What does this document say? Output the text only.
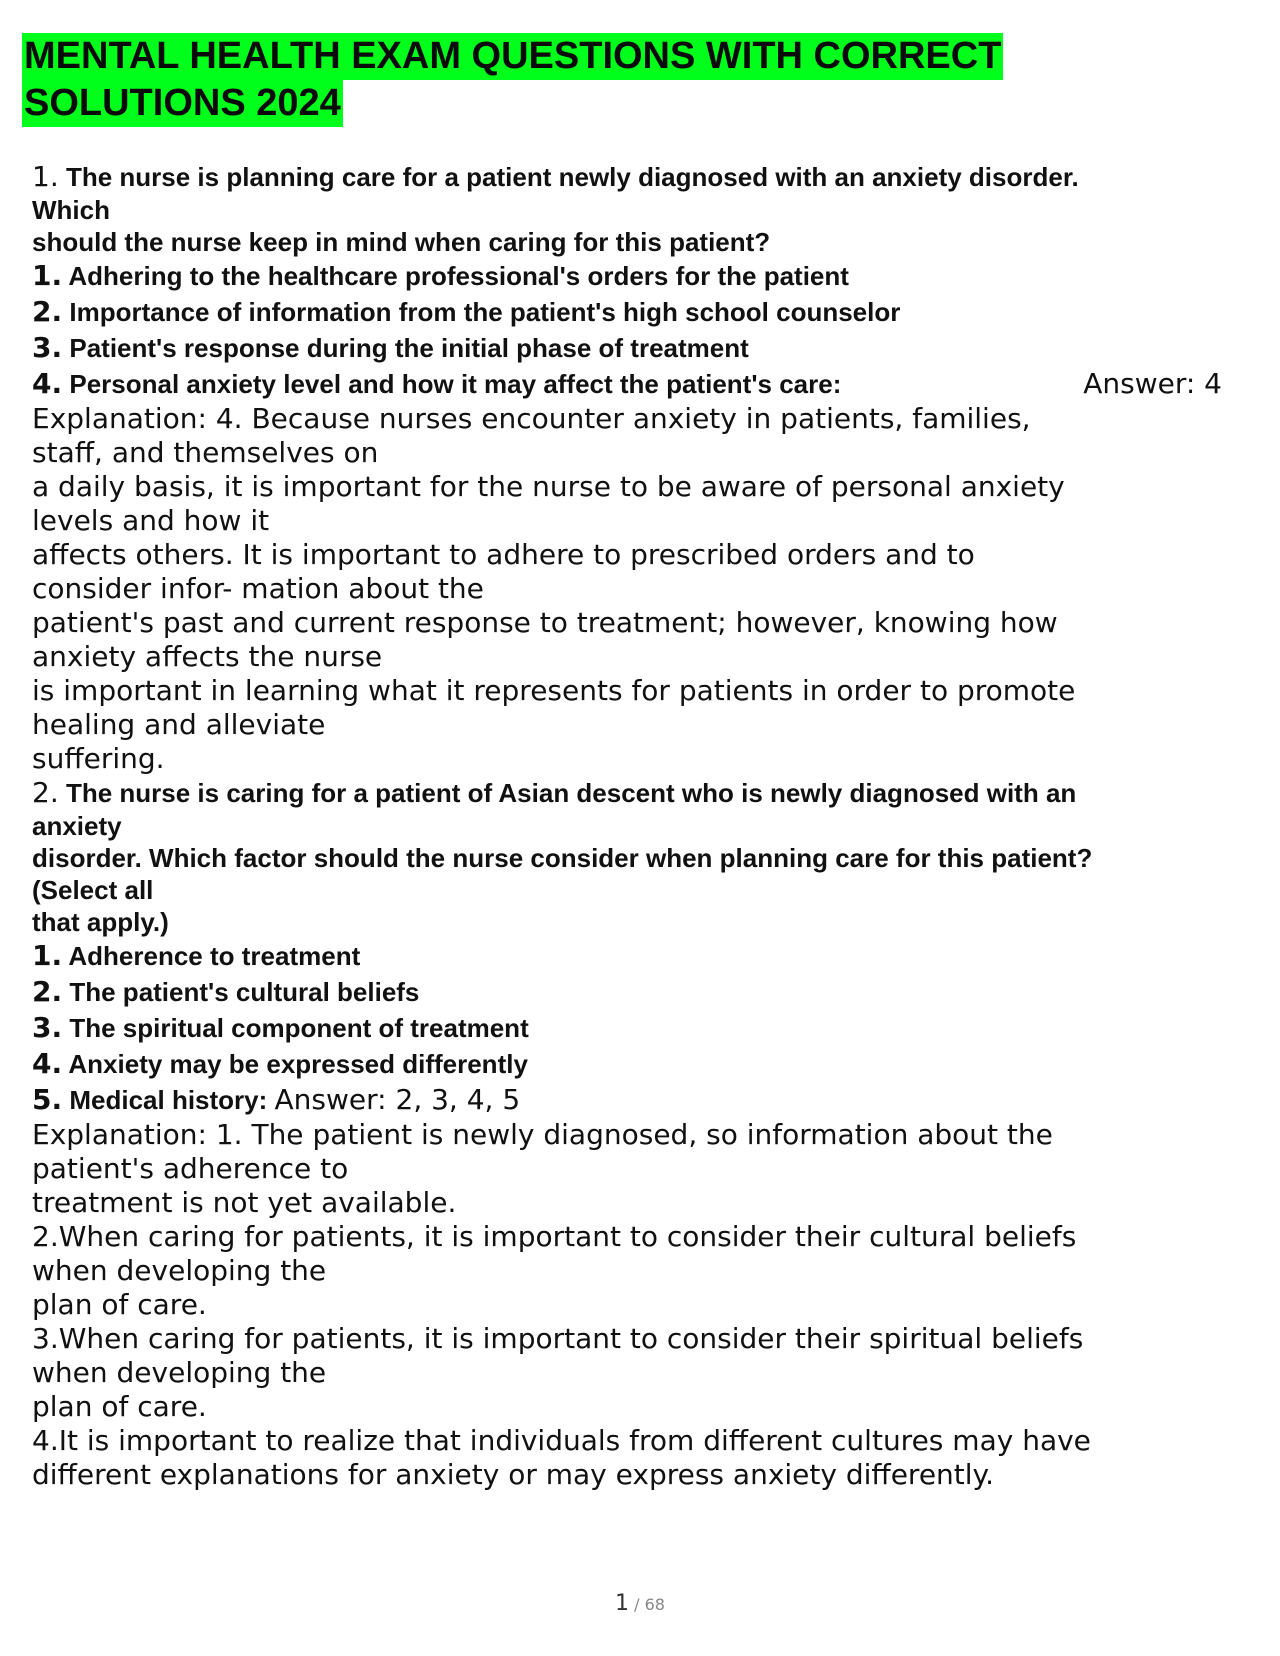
MENTAL HEALTH EXAM QUESTIONS WITH CORRECT
SOLUTIONS 2024

1. The nurse is planning care for a patient newly diagnosed with an anxiety disorder.

Which

should the nurse keep in mind when caring for this patient?

1. Adhering to the healthcare professional's orders for the patient

2. Importance of information from the patient's high school counselor

3. Patient's response during the initial phase of treatment

4. Personal anxiety level and how it may affect the patient's care:	Answer: 4

Explanation: 4. Because nurses encounter anxiety in patients, families,

staff, and themselves on

a daily basis, it is important for the nurse to be aware of personal anxiety

levels and how it

affects others. It is important to adhere to prescribed orders and to

consider infor- mation about the

patient's past and current response to treatment; however, knowing how

anxiety affects the nurse

is important in learning what it represents for patients in order to promote

healing and alleviate

suffering.

2. The nurse is caring for a patient of Asian descent who is newly diagnosed with an

anxiety

disorder. Which factor should the nurse consider when planning care for this patient?

(Select all

that apply.)

1. Adherence to treatment

2. The patient's cultural beliefs

3. The spiritual component of treatment

4. Anxiety may be expressed differently

5. Medical history: Answer: 2, 3, 4, 5

Explanation: 1. The patient is newly diagnosed, so information about the

patient's adherence to

treatment is not yet available.

2.When caring for patients, it is important to consider their cultural beliefs

when developing the

plan of care.

3.When caring for patients, it is important to consider their spiritual beliefs

when developing the

plan of care.

4.It is important to realize that individuals from different cultures may have

different explanations for anxiety or may express anxiety differently.

1 / 68
